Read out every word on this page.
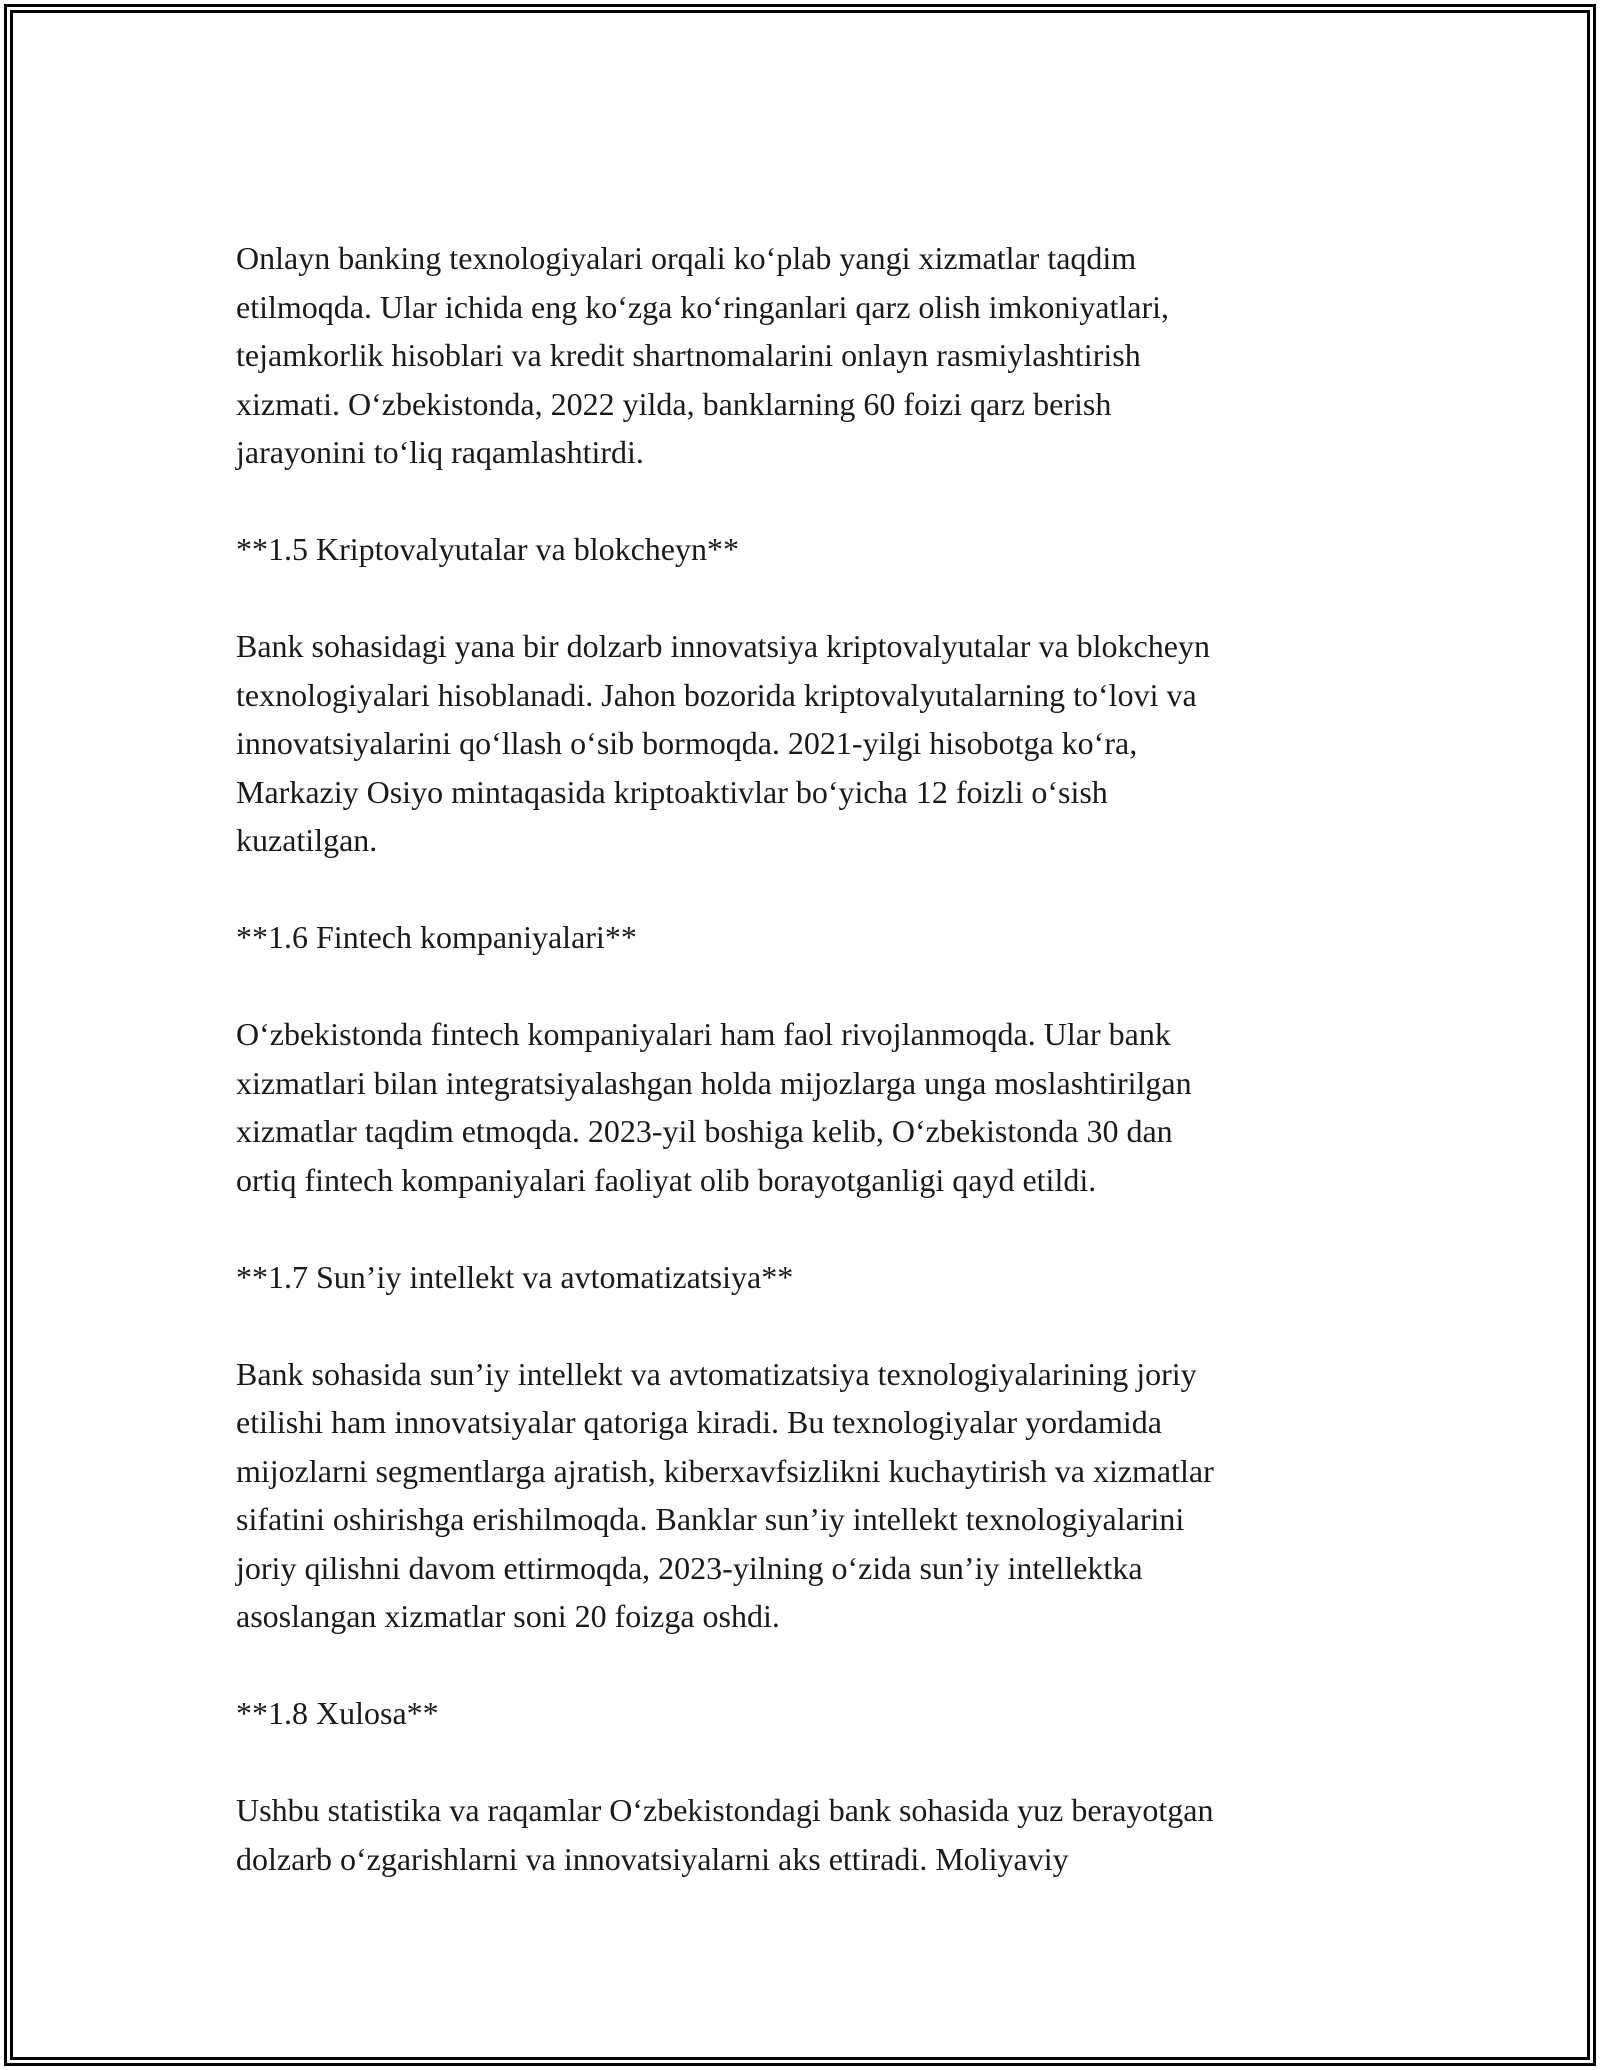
Onlayn banking texnologiyalari orqali ko‘plab yangi xizmatlar taqdim
etilmoqda. Ular ichida eng ko‘zga ko‘ringanlari qarz olish imkoniyatlari,
tejamkorlik hisoblari va kredit shartnomalarini onlayn rasmiylashtirish
xizmati. O‘zbekistonda, 2022 yilda, banklarning 60 foizi qarz berish
jarayonini to‘liq raqamlashtirdi.

**1.5 Kriptovalyutalar va blokcheyn**

Bank sohasidagi yana bir dolzarb innovatsiya kriptovalyutalar va blokcheyn
texnologiyalari hisoblanadi. Jahon bozorida kriptovalyutalarning to‘lovi va
innovatsiyalarini qo‘llash o‘sib bormoqda. 2021-yilgi hisobotga ko‘ra,
Markaziy Osiyo mintaqasida kriptoaktivlar bo‘yicha 12 foizli o‘sish
kuzatilgan.

**1.6 Fintech kompaniyalari**

O‘zbekistonda fintech kompaniyalari ham faol rivojlanmoqda. Ular bank
xizmatlari bilan integratsiyalashgan holda mijozlarga unga moslashtirilgan
xizmatlar taqdim etmoqda. 2023-yil boshiga kelib, O‘zbekistonda 30 dan
ortiq fintech kompaniyalari faoliyat olib borayotganligi qayd etildi.

**1.7 Sun’iy intellekt va avtomatizatsiya**

Bank sohasida sun’iy intellekt va avtomatizatsiya texnologiyalarining joriy
etilishi ham innovatsiyalar qatoriga kiradi. Bu texnologiyalar yordamida
mijozlarni segmentlarga ajratish, kiberxavfsizlikni kuchaytirish va xizmatlar
sifatini oshirishga erishilmoqda. Banklar sun’iy intellekt texnologiyalarini
joriy qilishni davom ettirmoqda, 2023-yilning o‘zida sun’iy intellektka
asoslangan xizmatlar soni 20 foizga oshdi.

**1.8 Xulosa**

Ushbu statistika va raqamlar O‘zbekistondagi bank sohasida yuz berayotgan
dolzarb o‘zgarishlarni va innovatsiyalarni aks ettiradi. Moliyaviy
